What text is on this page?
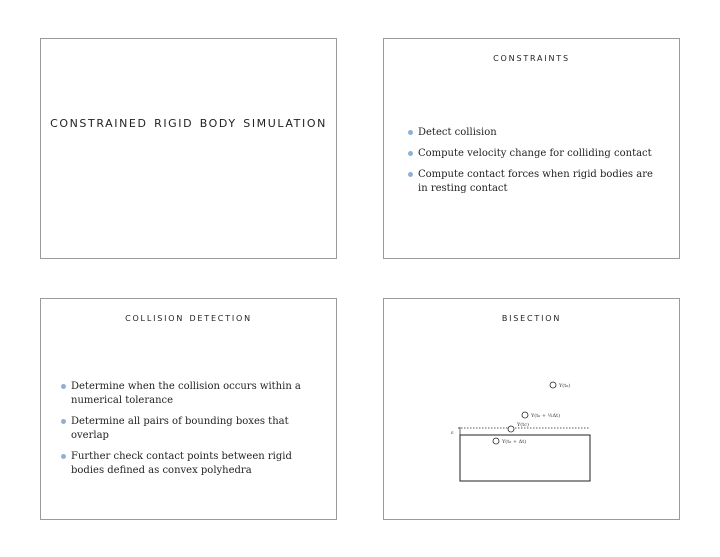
constrained rigid body simulation
constraints
Detect collision
Compute velocity change for colliding contact
Compute contact forces when rigid bodies are in resting contact
collision detection
Determine when the collision occurs within a numerical tolerance
Determine all pairs of bounding boxes that overlap
Further check contact points between rigid bodies defined as convex polyhedra
bisection
ε
Y(t₀)
Y(t₀ + ½Δt)
Y(tc)
Y(t₀ + Δt)
